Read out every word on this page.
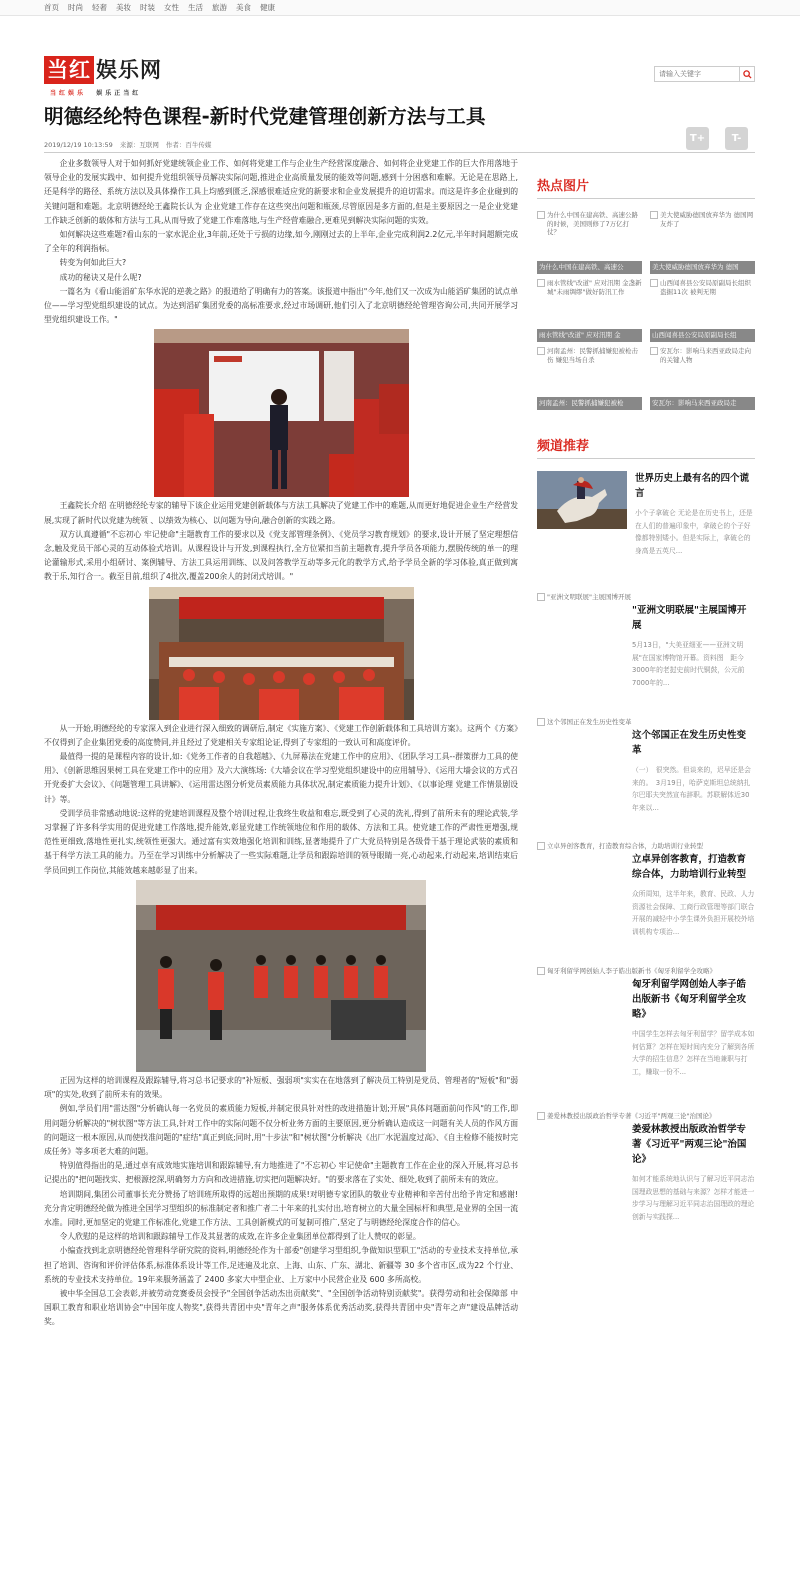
首页 时尚 轻奢 美妆 时装 女性 生活 旅游 美食 健康
当红 娱乐网
当红娱乐 娱乐正当红
请输入关键字
明德经纶特色课程-新时代党建管理创新方法与工具
2019/12/19 10:13:59 来源：互联网 作者：百牛传媒
T+	T-

企业多数领导人对于如何抓好党建统领企业工作、如何将党建工作与企业生产经营深度融合、如何将企业党建工作的巨大作用落地于领导企业的发展实践中、如何提升党组织领导员解决实际问题,推进企业高质量发展的能效等问题,感到十分困惑和难解。无论是在思路上,还是科学的路径、系统方法以及具体操作工具上均感到匮乏,深感很难适应党的新要求和企业发展提升的迫切需求。而这是许多企业碰到的关键问题和难题。北京明德经纶王鑫院长认为 企业党建工作存在这些突出问题和瓶颈,尽管原因是多方面的,但是主要原因之一是企业党建工作缺乏创新的载体和方法与工具,从而导致了党建工作难落地,与生产经营难融合,更难见到解决实际问题的实效。

如何解决这些难题?看山东的一家水泥企业,3年前,还处于亏损的边缘,如今,刚刚过去的上半年,企业完成利润2.2亿元,半年时间超额完成了全年的利润指标。

转变为何如此巨大?

成功的秘诀又是什么呢?

一篇名为《看山能滔矿东华水泥的逆袭之路》的报道给了明确有力的答案。该报道中指出"今年,他们又一次成为山能滔矿集团的试点单位——学习型党组织建设的试点。为达到滔矿集团党委的高标准要求,经过市场调研,他们引入了北京明德经纶管理咨询公司,共同开展学习型党组织建设工作。"

王鑫院长介绍 在明德经纶专家的辅导下该企业运用党建创新载体与方法工具解决了党建工作中的难题,从而更好地促进企业生产经营发展,实现了新时代以党建为统领 、以绩效为核心、以问题为导向,融合创新的实践之路。

双方认真遵循"不忘初心 牢记使命"主题教育工作的要求以及《党支部管理条例》、《党员学习教育规划》的要求,设计开展了坚定理想信念,触及党员干部心灵的互动体验式培训。从课程设计与开发,到课程执行,全方位紧扣当前主题教育,提升学员各项能力,摆脱传统的单一的理论灌输形式,采用小组研讨、案例辅导、方法工具运用训练、以及问答教学互动等多元化的教学方式,给予学员全新的学习体验,真正做到寓教于乐,知行合一。截至目前,组织了4批次,覆盖200余人的封闭式培训。"

从一开始,明德经纶的专家深入到企业进行深入细致的调研后,制定《实施方案》、《党建工作创新载体和工具培训方案》。这两个《方案》不仅得到了企业集团党委的高度赞同,并且经过了党建相关专家组论证,得到了专家组的一致认可和高度评价。

最值得一提的是课程内容的设计,如:《党务工作者的自我超越》、《九屏幕法在党建工作中的应用》、《团队学习工具--群策群力工具的使用》、《创新思维因果树工具在党建工作中的应用》及六大演练场:《大墙会议在学习型党组织建设中的应用辅导》、《运用大墙会议的方式召开党委扩大会议》、《问题管理工具讲解》、《运用雷达图分析党员素质能力具体状况,制定素质能力提升计划》、《以事论理 党建工作情景剧设计》等。

受训学员非常感动地说:这样的党建培训课程及整个培训过程,让我终生收益和难忘,既受到了心灵的洗礼,得到了前所未有的理论武装,学习掌握了许多科学实用的促进党建工作落地,提升能效,彰显党建工作统领地位和作用的载体、方法和工具。使党建工作的严肃性更增强,规范性更细致,落地性更扎实,统领性更强大。通过富有实效地强化培训和训练,显著地提升了广大党员特别是各级骨干基于理论武装的素质和基于科学方法工具的能力。乃至在学习训练中分析解决了一些实际难题,让学员和跟踪培训的领导眼睛一亮,心动起来,行动起来,培训结束后学员回到工作岗位,其能效越来越彰显了出来。

正因为这样的培训课程及跟踪辅导,将习总书记要求的"补短板、强弱项"实实在在地落到了解决员工特别是党员、管理者的"短板"和"弱项"的实处,收到了前所未有的效果。

例如,学员们用"雷达图"分析确认每一名党员的素质能力短板,并制定很具针对性的改进措施计划;开展"具体问题面前问作风"的工作,即用问题分析解决的"树状图"等方法工具,针对工作中的实际问题不仅分析业务方面的主要原因,更分析确认造成这一问题有关人员的作风方面的问题这一根本原因,从而使找准问题的"症结"真正到底;同时,用"十步法"和"树状图"分析解决《出厂水泥温度过高》、《自主检修不能按时完成任务》等多项老大难的问题。

特别值得指出的是,通过卓有成效地实施培训和跟踪辅导,有力地推进了"不忘初心 牢记使命"主题教育工作在企业的深入开展,将习总书记提出的"把问题找实、把根源挖深,明确努力方向和改进措施,切实把问题解决好。"的要求落在了实处、细处,收到了前所未有的效应。

培训期间,集团公司董事长充分赞扬了培训班所取得的远超出预期的成果!对明德专家团队的敬业专业精神和辛苦付出给予肯定和感谢!充分肯定明德经纶做为推进全国学习型组织的标准制定者和推广者二十年来的扎实付出,培育树立的大量全国标杆和典型,是业界的全国一流水准。同时,更加坚定的党建工作标准化,党建工作方法、工具创新模式的可复制可推广,坚定了与明德经纶深度合作的信心。

令人欣慰的是这样的培训和跟踪辅导工作及其显著的成效,在许多企业集团单位都得到了让人赞叹的彰显。

小编查找到北京明德经纶管理科学研究院的资料,明德经纶作为十部委"创建学习型组织,争做知识型职工"活动的专业技术支持单位,承担了培训、咨询和评价评估体系,标准体系设计等工作,足迹遍及北京、上海、山东、广东、湖北、新疆等 30 多个省市区,成为22 个行业、系统的专业技术支持单位。19年来服务涵盖了 2400 多家大中型企业、上万家中小民营企业及 600 多所高校。

被中华全国总工会表彰,并被劳动竞赛委员会授予"全国创争活动杰出贡献奖"、"全国创争活动特别贡献奖"。获得劳动和社会保障部 中国职工教育和职业培训协会"中国年度人物奖",获得共青团中央"青年之声"服务体系优秀活动奖,获得共青团中央"青年之声"建设品牌活动奖。

热点图片
为什么中国在建高铁、高速公路的时候，美国则修了7万亿打仗？
为什么中国在建高铁、高速公
美大使威胁德国放弃华为 德国网友炸了
美大使威胁德国放弃华为 德国
雨水管线"改道" 应对汛期 金盏新城"未雨绸缪"做好防汛工作
雨水管线"改道" 应对汛期 金
山西闻喜县公安局原副局长组织盗掘11次 被判无期
山西闻喜县公安局原副局长组
河南孟州：民警抓捕嫌犯被枪击伤 嫌犯当场自杀
河南孟州：民警抓捕嫌犯被枪
安瓦尔：影响马来西亚政局走向的关键人物
安瓦尔：影响马来西亚政局走
频道推荐
世界历史上最有名的四个谎言

小个子拿破仑 无论是在历史书上，还是在人们的普遍印象中，拿破仑的个子好像都特别矮小。但是实际上，拿破仑的身高是五英尺...

"亚洲文明联展"主展国博开展
"亚洲文明联展"主展国博开展

5月13日，"大美亚细亚——亚洲文明展"在国家博物馆开幕。资料图　距今3000年的老挝史前时代铜鼓，公元前7000年的...

这个邻国正在发生历史性变革
这个邻国正在发生历史性变革

（一）　很突然。但谈来的，迟早还是会来的。　3月19日，哈萨克斯坦总统纳扎尔巴耶夫突然宣布辞职。苏联解体近30年来以...

立卓异创客教育，打造教育综合体，力助培训行业转型
立卓异创客教育，打造教育综合体，力助培训行业转型

众所周知，这半年来，教育、民政、人力资源社会保障、工商行政管理等部门联合开展的减轻中小学生课外负担开展校外培训机构专项治...

匈牙利留学网创始人李子皓出版新书《匈牙利留学全攻略》
匈牙利留学网创始人李子皓出版新书《匈牙利留学全攻略》

中国学生怎样去匈牙利留学？留学成本如何估算？怎样在短时间内充分了解到各所大学的招生信息？怎样在当地兼职与打工，赚取一份不...

姜爱林教授出版政治哲学专著《习近平"两观三论"治国论》
姜爱林教授出版政治哲学专著《习近平"两观三论"治国论》

如何才能系统地认识与了解习近平同志治国理政思想的基础与来源？怎样才能进一步学习与理解习近平同志治国理政的理论创新与实践探...
